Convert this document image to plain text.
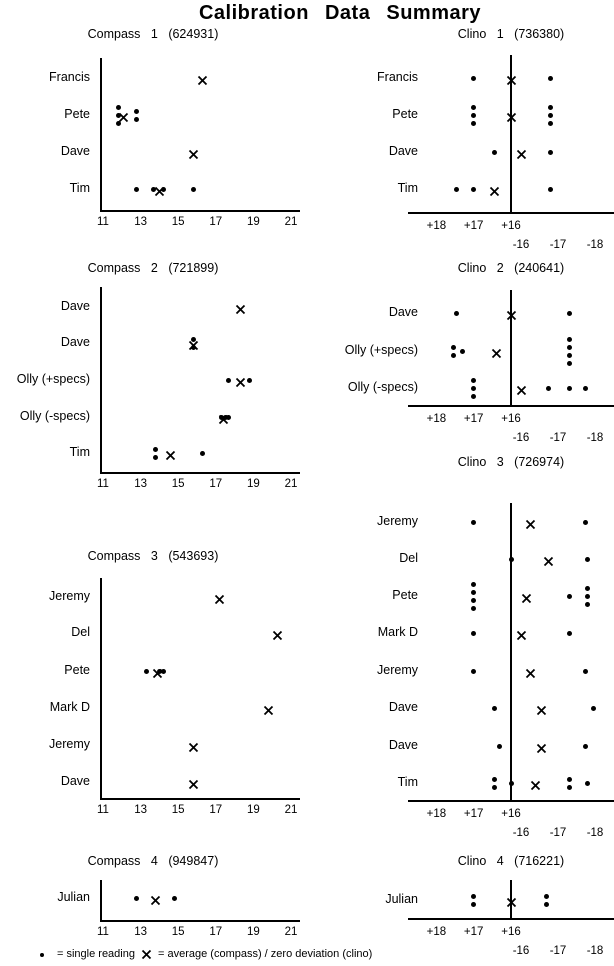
Calibration Data Summary
= single reading = average (compass) / zero deviation (clino)
Compass 1 (624931)
11	13	15	17	19	21
Francis
Pete
Dave
Tim
Clino 1 (736380)
+18	+17	+16
-16	-17	-18
Francis
Pete
Dave
Tim
Compass 2 (721899)
11	13	15	17	19	21
Dave
Dave
Olly (+specs)
Olly (-specs)
Tim
Clino 2 (240641)
+18	+17	+16
-16	-17	-18
Dave
Olly (+specs)
Olly (-specs)
Compass 3 (543693)
11	13	15	17	19	21
Jeremy
Del
Pete
Mark D
Jeremy
Dave
Clino 3 (726974)
+18	+17	+16
-16	-17	-18
Jeremy
Del
Pete
Mark D
Jeremy
Dave
Dave
Tim
Compass 4 (949847)
11	13	15	17	19	21
Julian
Clino 4 (716221)
+18	+17	+16
-16	-17	-18
Julian
